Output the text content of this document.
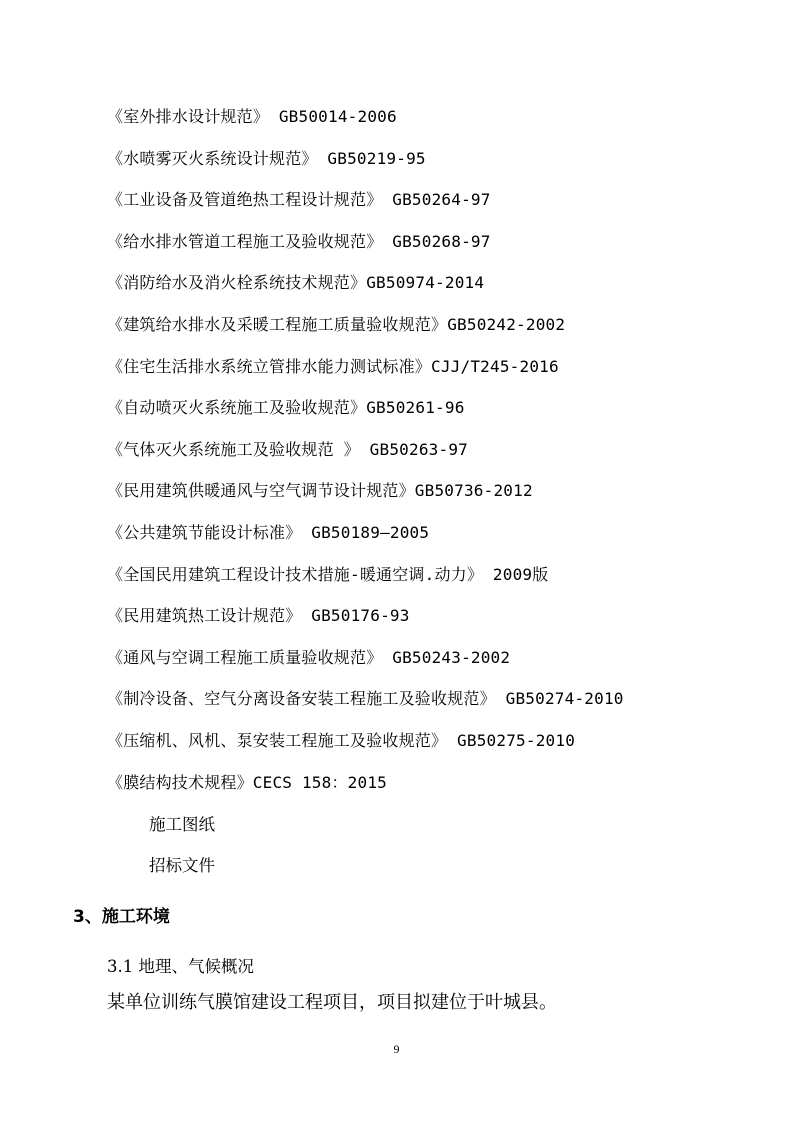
《室外排水设计规范》 GB50014-2006
《水喷雾灭火系统设计规范》 GB50219-95
《工业设备及管道绝热工程设计规范》 GB50264-97
《给水排水管道工程施工及验收规范》 GB50268-97
《消防给水及消火栓系统技术规范》GB50974-2014
《建筑给水排水及采暖工程施工质量验收规范》GB50242-2002
《住宅生活排水系统立管排水能力测试标准》CJJ/T245-2016
《自动喷灭火系统施工及验收规范》GB50261-96
《气体灭火系统施工及验收规范 》 GB50263-97
《民用建筑供暖通风与空气调节设计规范》GB50736-2012
《公共建筑节能设计标准》 GB50189—2005
《全国民用建筑工程设计技术措施-暖通空调.动力》 2009版
《民用建筑热工设计规范》 GB50176-93
《通风与空调工程施工质量验收规范》 GB50243-2002
《制冷设备、空气分离设备安装工程施工及验收规范》 GB50274-2010
《压缩机、风机、泵安装工程施工及验收规范》 GB50275-2010
《膜结构技术规程》CECS 158：2015
施工图纸
招标文件
3、施工环境
3.1 地理、气候概况
某单位训练气膜馆建设工程项目，项目拟建位于叶城县。
9
